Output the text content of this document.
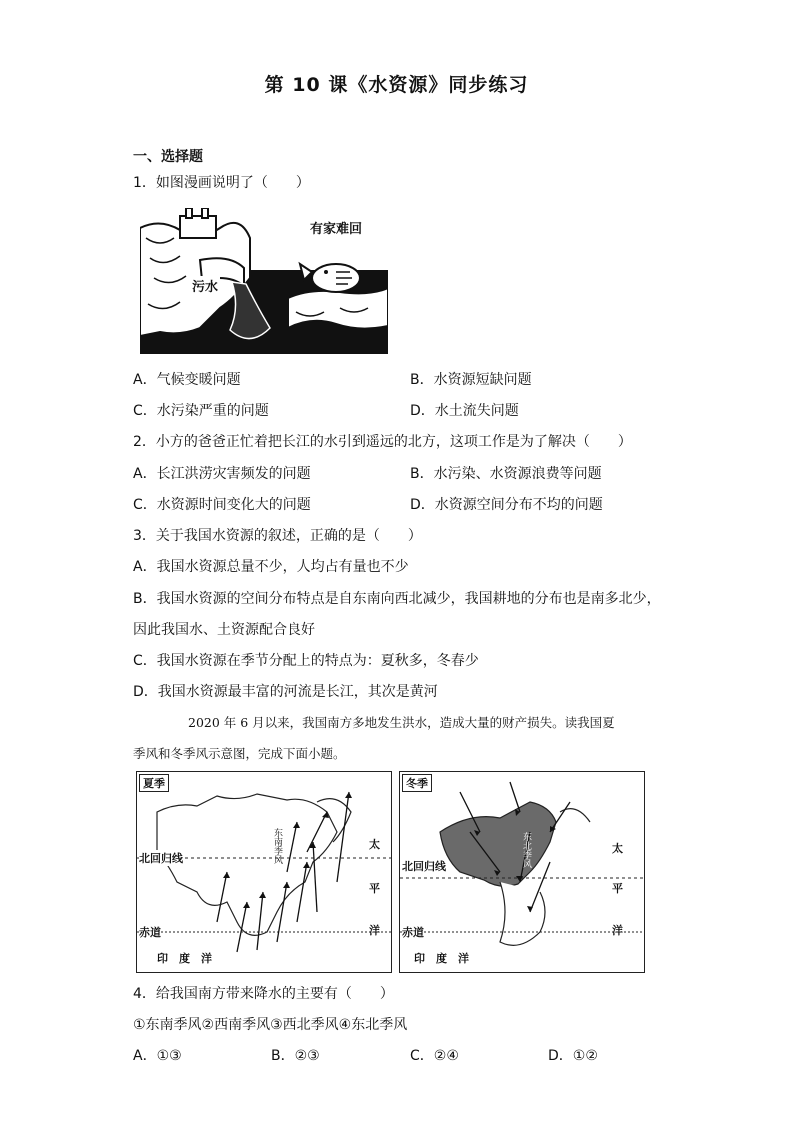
第 10 课《水资源》同步练习
一、选择题
1．如图漫画说明了（　　）
有家难回
污水
A．气候变暖问题	B．水资源短缺问题
C．水污染严重的问题	D．水土流失问题
2．小方的爸爸正忙着把长江的水引到遥远的北方，这项工作是为了解决（　　）
A．长江洪涝灾害频发的问题	B．水污染、水资源浪费等问题
C．水资源时间变化大的问题	D．水资源空间分布不均的问题
3．关于我国水资源的叙述，正确的是（　　）
A．我国水资源总量不少，人均占有量也不少
B．我国水资源的空间分布特点是自东南向西北减少，我国耕地的分布也是南多北少，
因此我国水、土资源配合良好
C．我国水资源在季节分配上的特点为：夏秋多，冬春少
D．我国水资源最丰富的河流是长江，其次是黄河
2020 年 6 月以来，我国南方多地发生洪水，造成大量的财产损失。读我国夏
季风和冬季风示意图，完成下面小题。
夏季
北回归线
赤道
印　度　洋
太
平
洋
东南季风
冬季
北回归线
赤道
印　度　洋
太
平
洋
东北季风
4．给我国南方带来降水的主要有（　　）
①东南季风②西南季风③西北季风④东北季风
A．①③	B．②③	C．②④	D．①②
